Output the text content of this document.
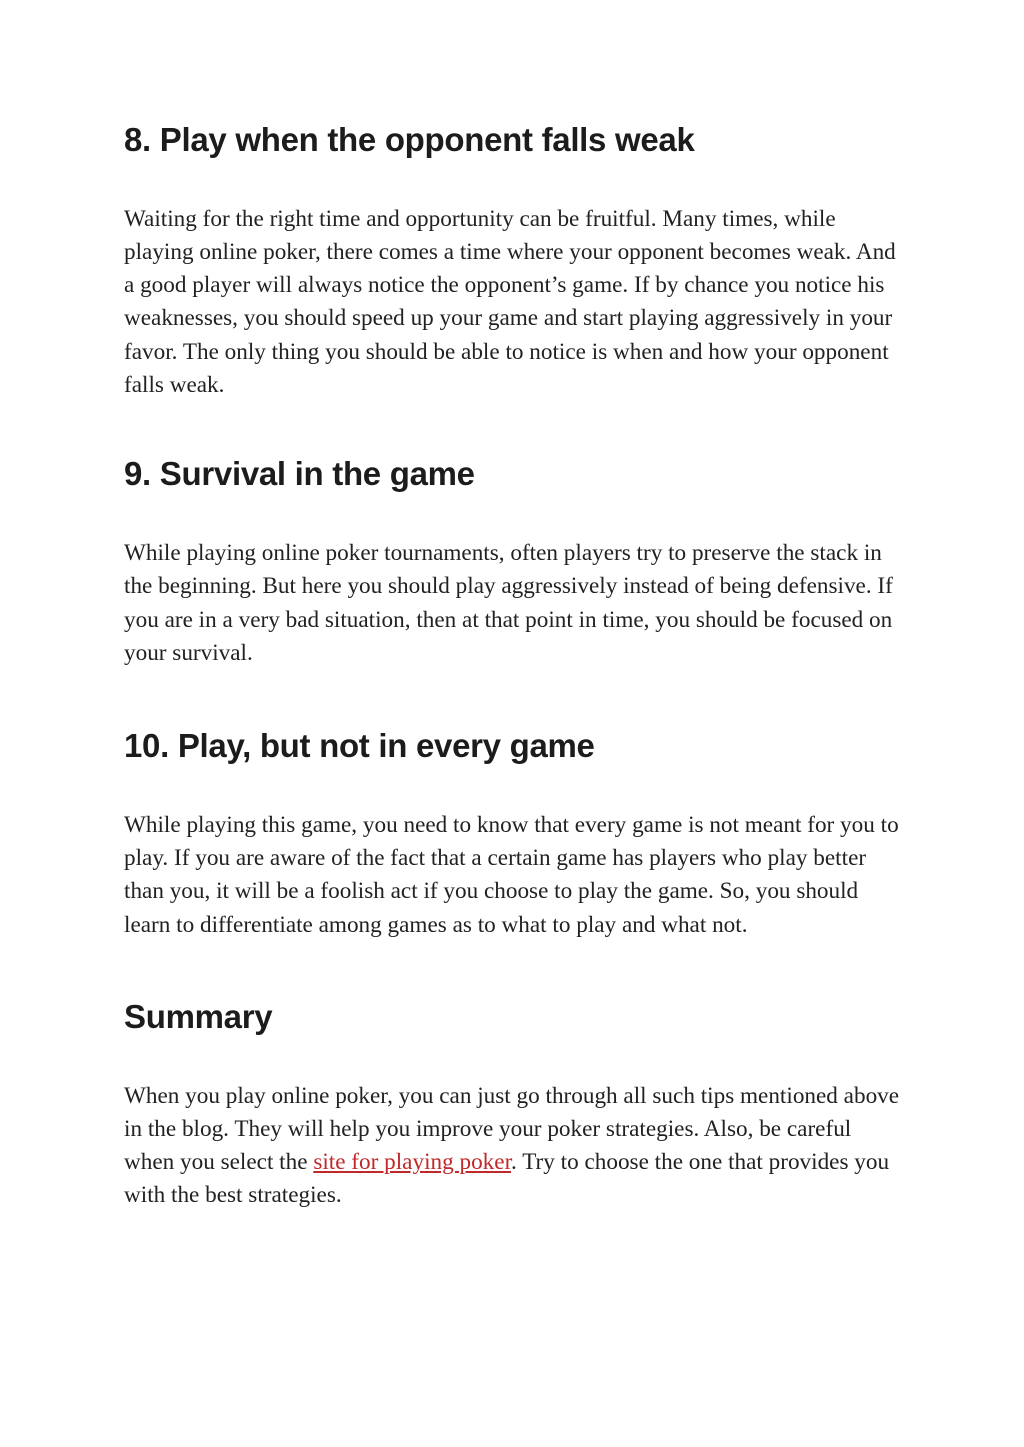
8. Play when the opponent falls weak

Waiting for the right time and opportunity can be fruitful. Many times, while playing online poker, there comes a time where your opponent becomes weak. And a good player will always notice the opponent’s game. If by chance you notice his weaknesses, you should speed up your game and start playing aggressively in your favor. The only thing you should be able to notice is when and how your opponent falls weak.

9. Survival in the game

While playing online poker tournaments, often players try to preserve the stack in the beginning. But here you should play aggressively instead of being defensive. If you are in a very bad situation, then at that point in time, you should be focused on your survival.

10. Play, but not in every game

While playing this game, you need to know that every game is not meant for you to play. If you are aware of the fact that a certain game has players who play better than you, it will be a foolish act if you choose to play the game. So, you should learn to differentiate among games as to what to play and what not.

Summary

When you play online poker, you can just go through all such tips mentioned above in the blog. They will help you improve your poker strategies. Also, be careful when you select the site for playing poker. Try to choose the one that provides you with the best strategies.
